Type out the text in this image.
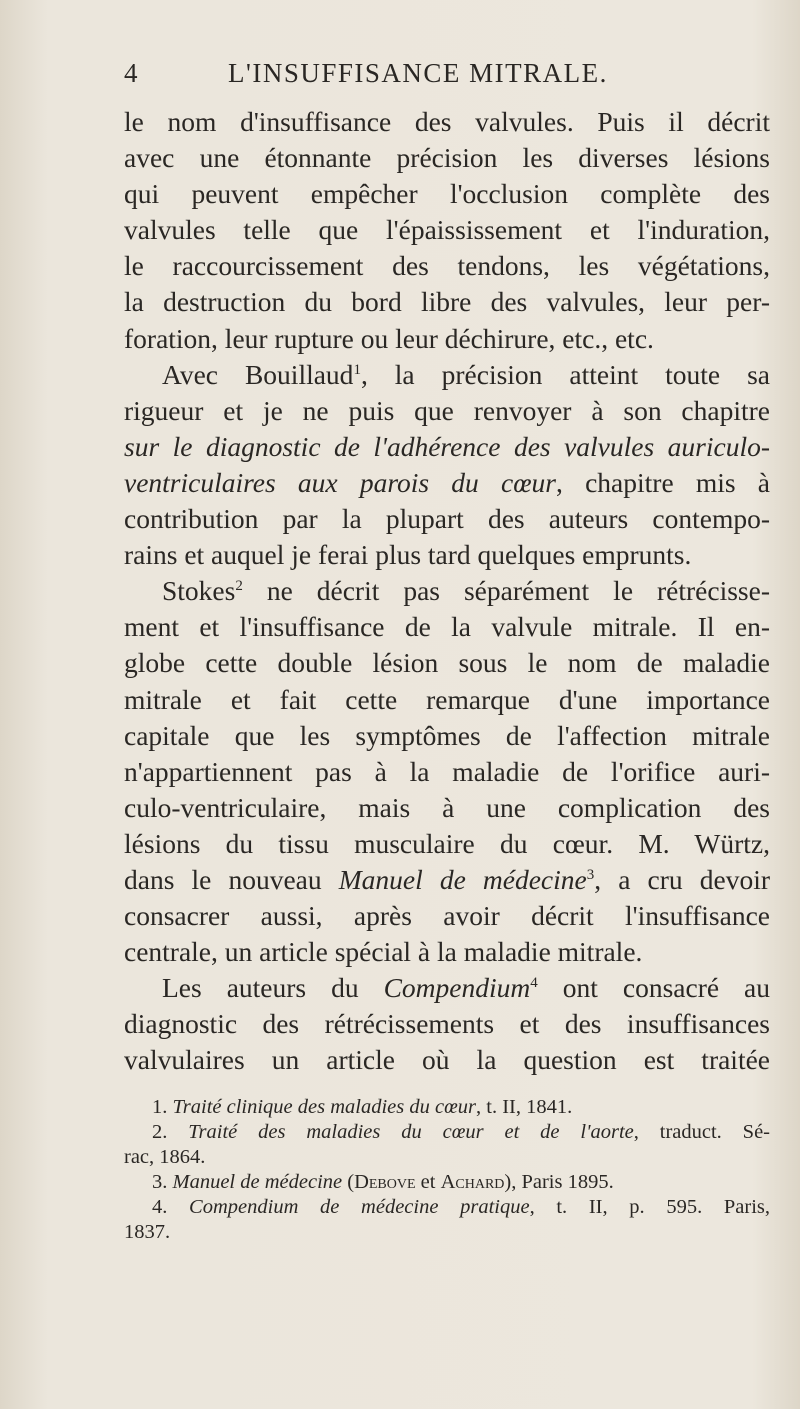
4	L'INSUFFISANCE MITRALE.
le nom d'insuffisance des valvules. Puis il décrit
avec une étonnante précision les diverses lésions
qui peuvent empêcher l'occlusion complète des
valvules telle que l'épaississement et l'induration,
le raccourcissement des tendons, les végétations,
la destruction du bord libre des valvules, leur per-
foration, leur rupture ou leur déchirure, etc., etc.
Avec Bouillaud$^1$, la précision atteint toute sa
rigueur et je ne puis que renvoyer à son chapitre
sur le diagnostic de l'adhérence des valvules auriculo-
ventriculaires aux parois du cœur, chapitre mis à
contribution par la plupart des auteurs contempo-
rains et auquel je ferai plus tard quelques emprunts.
Stokes$^2$ ne décrit pas séparément le rétrécisse-
ment et l'insuffisance de la valvule mitrale. Il en-
globe cette double lésion sous le nom de maladie
mitrale et fait cette remarque d'une importance
capitale que les symptômes de l'affection mitrale
n'appartiennent pas à la maladie de l'orifice auri-
culo-ventriculaire, mais à une complication des
lésions du tissu musculaire du cœur. M. Würtz,
dans le nouveau Manuel de médecine$^3$, a cru devoir
consacrer aussi, après avoir décrit l'insuffisance
centrale, un article spécial à la maladie mitrale.
Les auteurs du Compendium$^4$ ont consacré au
diagnostic des rétrécissements et des insuffisances
valvulaires un article où la question est traitée
1. Traité clinique des maladies du cœur, t. II, 1841.
2. Traité des maladies du cœur et de l'aorte, traduct. Sé-
rac, 1864.
3. Manuel de médecine (Debove et Achard), Paris 1895.
4. Compendium de médecine pratique, t. II, p. 595. Paris,
1837.
